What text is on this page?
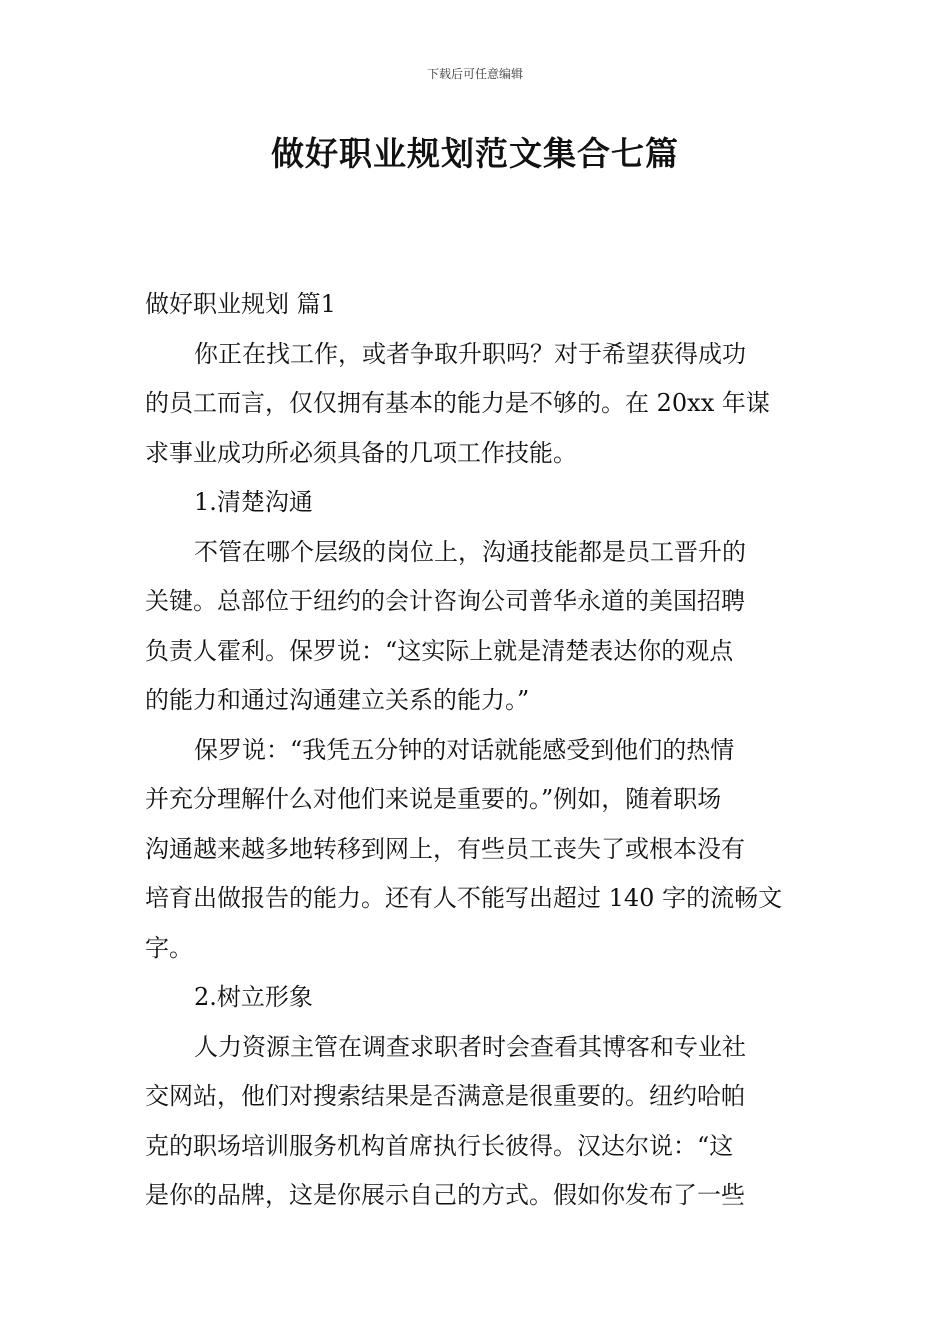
下载后可任意编辑
做好职业规划范文集合七篇
做好职业规划 篇1
你正在找工作，或者争取升职吗？对于希望获得成功
的员工而言，仅仅拥有基本的能力是不够的。在 20xx 年谋
求事业成功所必须具备的几项工作技能。
1.清楚沟通
不管在哪个层级的岗位上，沟通技能都是员工晋升的
关键。总部位于纽约的会计咨询公司普华永道的美国招聘
负责人霍利。保罗说：“这实际上就是清楚表达你的观点
的能力和通过沟通建立关系的能力。”
保罗说：“我凭五分钟的对话就能感受到他们的热情
并充分理解什么对他们来说是重要的。”例如，随着职场
沟通越来越多地转移到网上，有些员工丧失了或根本没有
培育出做报告的能力。还有人不能写出超过 140 字的流畅文
字。
2.树立形象
人力资源主管在调查求职者时会查看其博客和专业社
交网站，他们对搜索结果是否满意是很重要的。纽约哈帕
克的职场培训服务机构首席执行长彼得。汉达尔说：“这
是你的品牌，这是你展示自己的方式。假如你发布了一些
